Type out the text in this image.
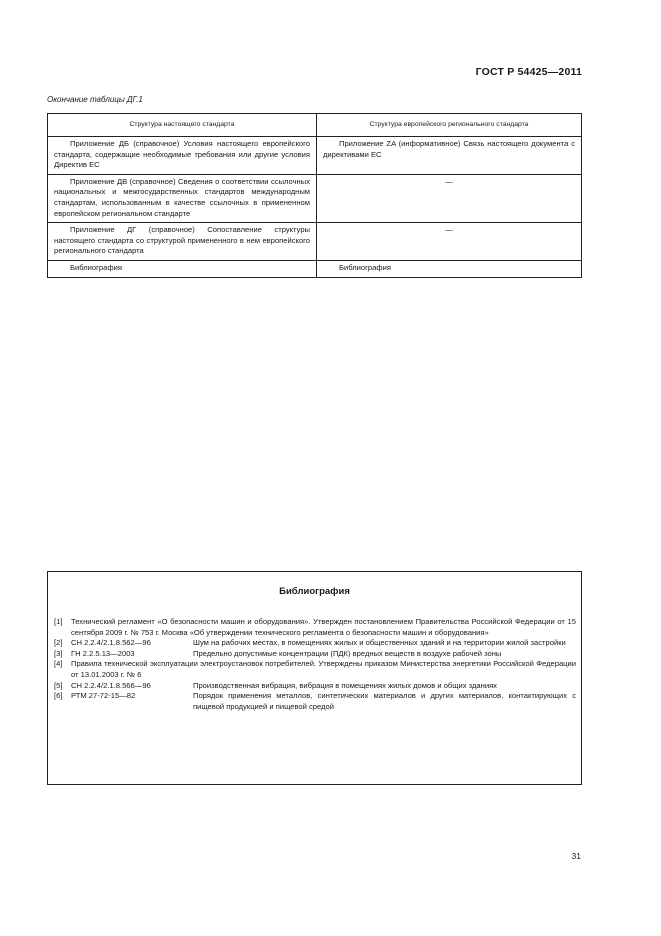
ГОСТ Р 54425—2011
Окончание таблицы ДГ.1
Структура настоящего стандарта	Структура европейского регионального стандарта

Приложение ДБ (справочное) Условия настоящего европейского стандарта, содержащие необходимые требования или другие условия Директив ЕС	Приложение ZA (информативное) Связь настоящего документа с директивами ЕС

Приложение ДВ (справочное) Сведения о соответствии ссылочных национальных и межгосударственных стандартов международным стандартам, использованным в качестве ссылочных в примененном европейском региональном стандарте	—

Приложение ДГ (справочное) Сопоставление структуры настоящего стандарта со структурой примененного в нем европейского регионального стандарта	—

Библиография	Библиография
Библиография
[1]	Технический регламент «О безопасности машин и оборудования». Утвержден постановлением Правительства Российской Федерации от 15 сентября 2009 г. № 753 г. Москва «Об утверждении технического регламента о безопасности машин и оборудования»
[2]	СН 2.2.4/2.1.8.562—96	Шум на рабочих местах, в помещениях жилых и общественных зданий и на территории жилой застройки
[3]	ГН 2.2.5.13—2003	Предельно допустимые концентрации (ПДК) вредных веществ в воздухе рабочей зоны
[4]	Правила технической эксплуатации электроустановок потребителей. Утверждены приказом Министерства энергетики Российской Федерации от 13.01.2003 г. № 6
[5]	СН 2.2.4/2.1.8.566—96	Производственная вибрация, вибрация в помещениях жилых домов и общих зданиях
[6]	РТМ 27-72-15—82	Порядок применения металлов, синтетических материалов и других материалов, контактирующих с пищевой продукцией и пищевой средой
31
